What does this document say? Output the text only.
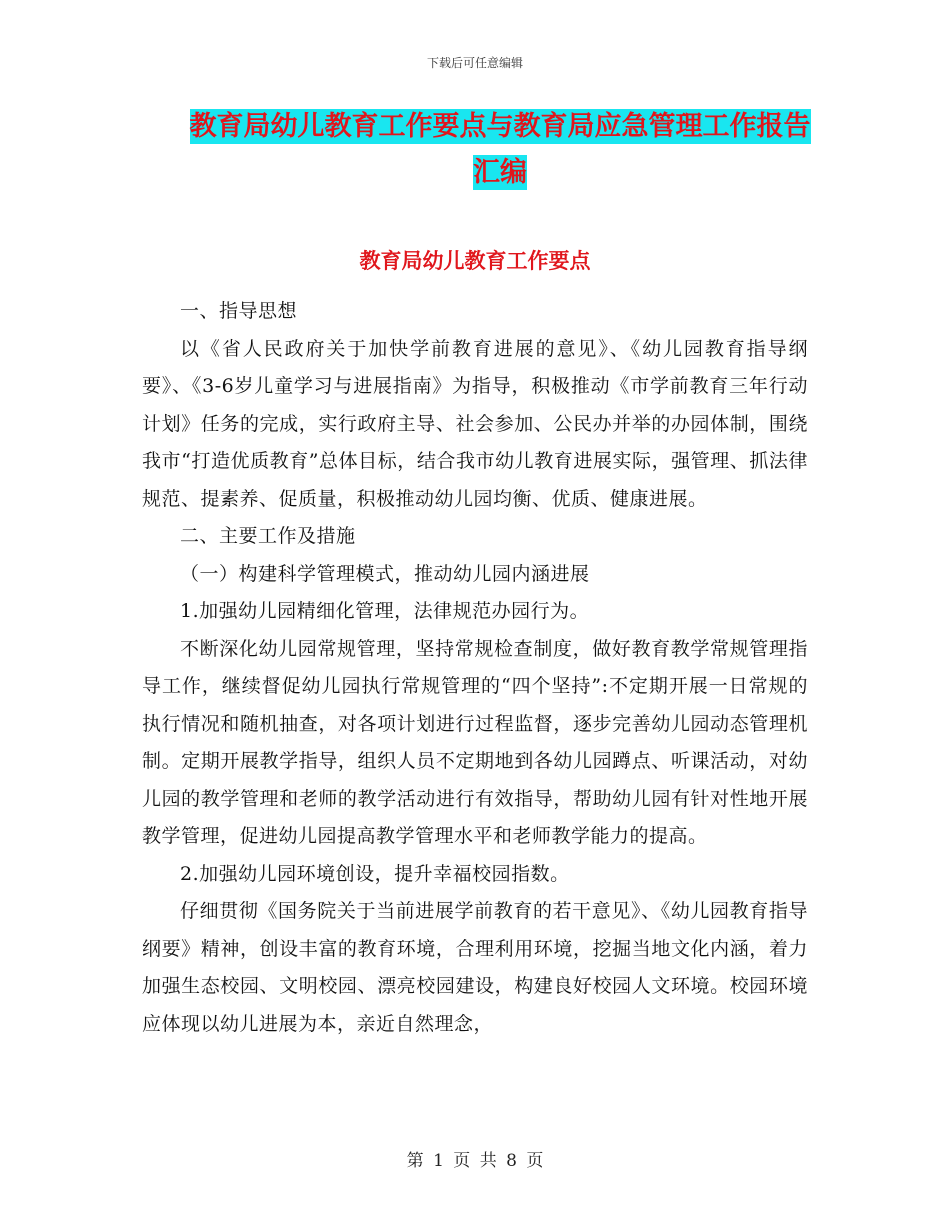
下载后可任意编辑
教育局幼儿教育工作要点与教育局应急管理工作报告
汇编
教育局幼儿教育工作要点

一、指导思想

以《省人民政府关于加快学前教育进展的意见》、《幼儿园教育指导纲要》、《3-6岁儿童学习与进展指南》为指导，积极推动《市学前教育三年行动计划》任务的完成，实行政府主导、社会参加、公民办并举的办园体制，围绕我市“打造优质教育”总体目标，结合我市幼儿教育进展实际，强管理、抓法律规范、提素养、促质量，积极推动幼儿园均衡、优质、健康进展。

二、主要工作及措施

（一）构建科学管理模式，推动幼儿园内涵进展

1.加强幼儿园精细化管理，法律规范办园行为。

不断深化幼儿园常规管理，坚持常规检查制度，做好教育教学常规管理指导工作，继续督促幼儿园执行常规管理的“四个坚持”:不定期开展一日常规的执行情况和随机抽查，对各项计划进行过程监督，逐步完善幼儿园动态管理机制。定期开展教学指导，组织人员不定期地到各幼儿园蹲点、听课活动，对幼儿园的教学管理和老师的教学活动进行有效指导，帮助幼儿园有针对性地开展教学管理，促进幼儿园提高教学管理水平和老师教学能力的提高。

2.加强幼儿园环境创设，提升幸福校园指数。

仔细贯彻《国务院关于当前进展学前教育的若干意见》、《幼儿园教育指导纲要》精神，创设丰富的教育环境，合理利用环境，挖掘当地文化内涵，着力加强生态校园、文明校园、漂亮校园建设，构建良好校园人文环境。校园环境应体现以幼儿进展为本，亲近自然理念，

第 1 页 共 8 页
